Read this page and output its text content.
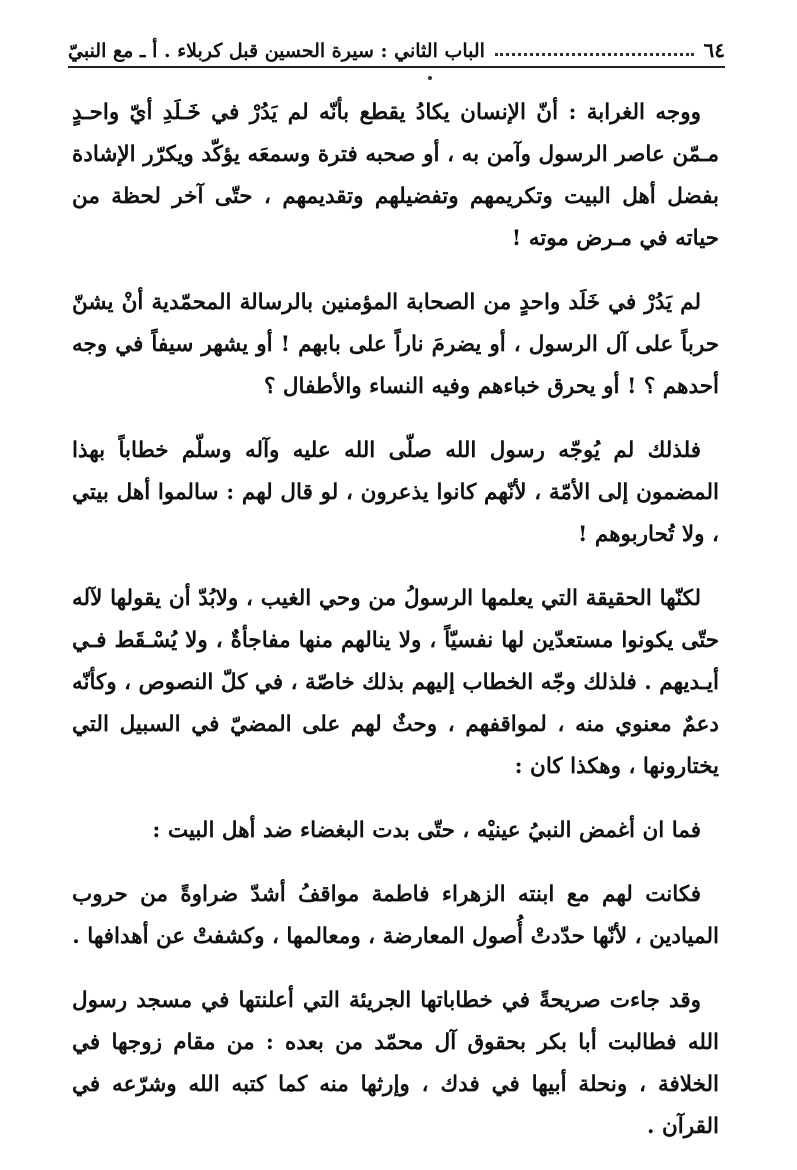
٦٤
الباب الثاني : سيرة الحسين قبل كربلاء . أ ـ مع النبيّ

ووجه الغرابة : أنّ الإنسان يكادُ يقطع بأنّه لم يَدُرْ في خَـلَدِ أيّ واحـدٍ مـمّن عاصر الرسول وآمن به ، أو صحبه فترة وسمعَه يؤكّد ويكرّر الإشادة بفضل أهل البيت وتكريمهم وتفضيلهم وتقديمهم ، حتّى آخر لحظة من حياته في مـرض موته !

لم يَدُرْ في خَلَد واحدٍ من الصحابة المؤمنين بالرسالة المحمّدية أنْ يشنّ حرباً على آل الرسول ، أو يضرمَ ناراً على بابهم ! أو يشهر سيفاً في وجه أحدهم ؟ ! أو يحرق خباءهم وفيه النساء والأطفال ؟

فلذلك لم يُوجّه رسول الله صلّى الله عليه وآله وسلّم خطاباً بهذا المضمون إلى الأمّة ، لأنّهم كانوا يذعرون ، لو قال لهم : سالموا أهل بيتي ، ولا تُحاربوهم !

لكنّها الحقيقة التي يعلمها الرسولُ من وحي الغيب ، ولابُدّ أن يقولها لآله حتّى يكونوا مستعدّين لها نفسيّاً ، ولا ينالهم منها مفاجأةٌ ، ولا يُسْـقَط فـي أيـديهم . فلذلك وجّه الخطاب إليهم بذلك خاصّة ، في كلّ النصوص ، وكأنّه دعمٌ معنوي منه ، لمواقفهم ، وحثٌ لهم على المضيّ في السبيل التي يختارونها ، وهكذا كان :

فما ان أغمض النبيُ عينيْه ، حتّى بدت البغضاء ضد أهل البيت :

فكانت لهم مع ابنته الزهراء فاطمة مواقفُ أشدّ ضراوةً من حروب الميادين ، لأنّها حدّدتْ أُصول المعارضة ، ومعالمها ، وكشفتْ عن أهدافها .

وقد جاءت صريحةً في خطاباتها الجريئة التي أعلنتها في مسجد رسول الله فطالبت أبا بكر بحقوق آل محمّد من بعده : من مقام زوجها في الخلافة ، ونحلة أبيها في فدك ، وإرثها منه كما كتبه الله وشرّعه في القرآن .
